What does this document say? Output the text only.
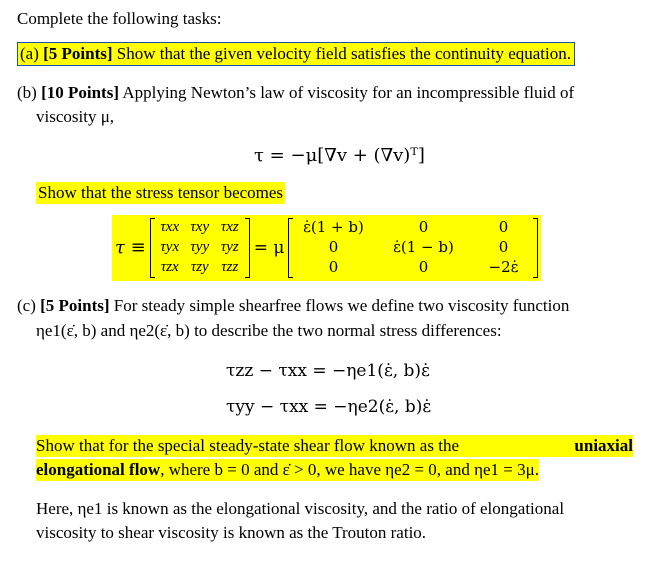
Complete the following tasks:
(a) [5 Points] Show that the given velocity field satisfies the continuity equation.
(b) [10 Points] Applying Newton’s law of viscosity for an incompressible fluid of
viscosity μ,
τ = −μ[∇v + (∇v)ᵀ]
Show that the stress tensor becomes
τ ≡
τxx τxy τxz
τyx τyy τyz
τzx τzy τzz
= μ
ε̇(1 + b)	0	0
0	ε̇(1 − b)	0
0	0	−2ε̇
(c) [5 Points] For steady simple shearfree flows we define two viscosity function
ηe1(ε̇, b) and ηe2(ε̇, b) to describe the two normal stress differences:
τzz − τxx = −ηe1(ε̇, b)ε̇
τyy − τxx = −ηe2(ε̇, b)ε̇
Show that for the special steady-state shear flow known as the	uniaxial
elongational flow, where b = 0 and ε̇ > 0, we have ηe2 = 0, and ηe1 = 3μ.
Here, ηe1 is known as the elongational viscosity, and the ratio of elongational
viscosity to shear viscosity is known as the Trouton ratio.
